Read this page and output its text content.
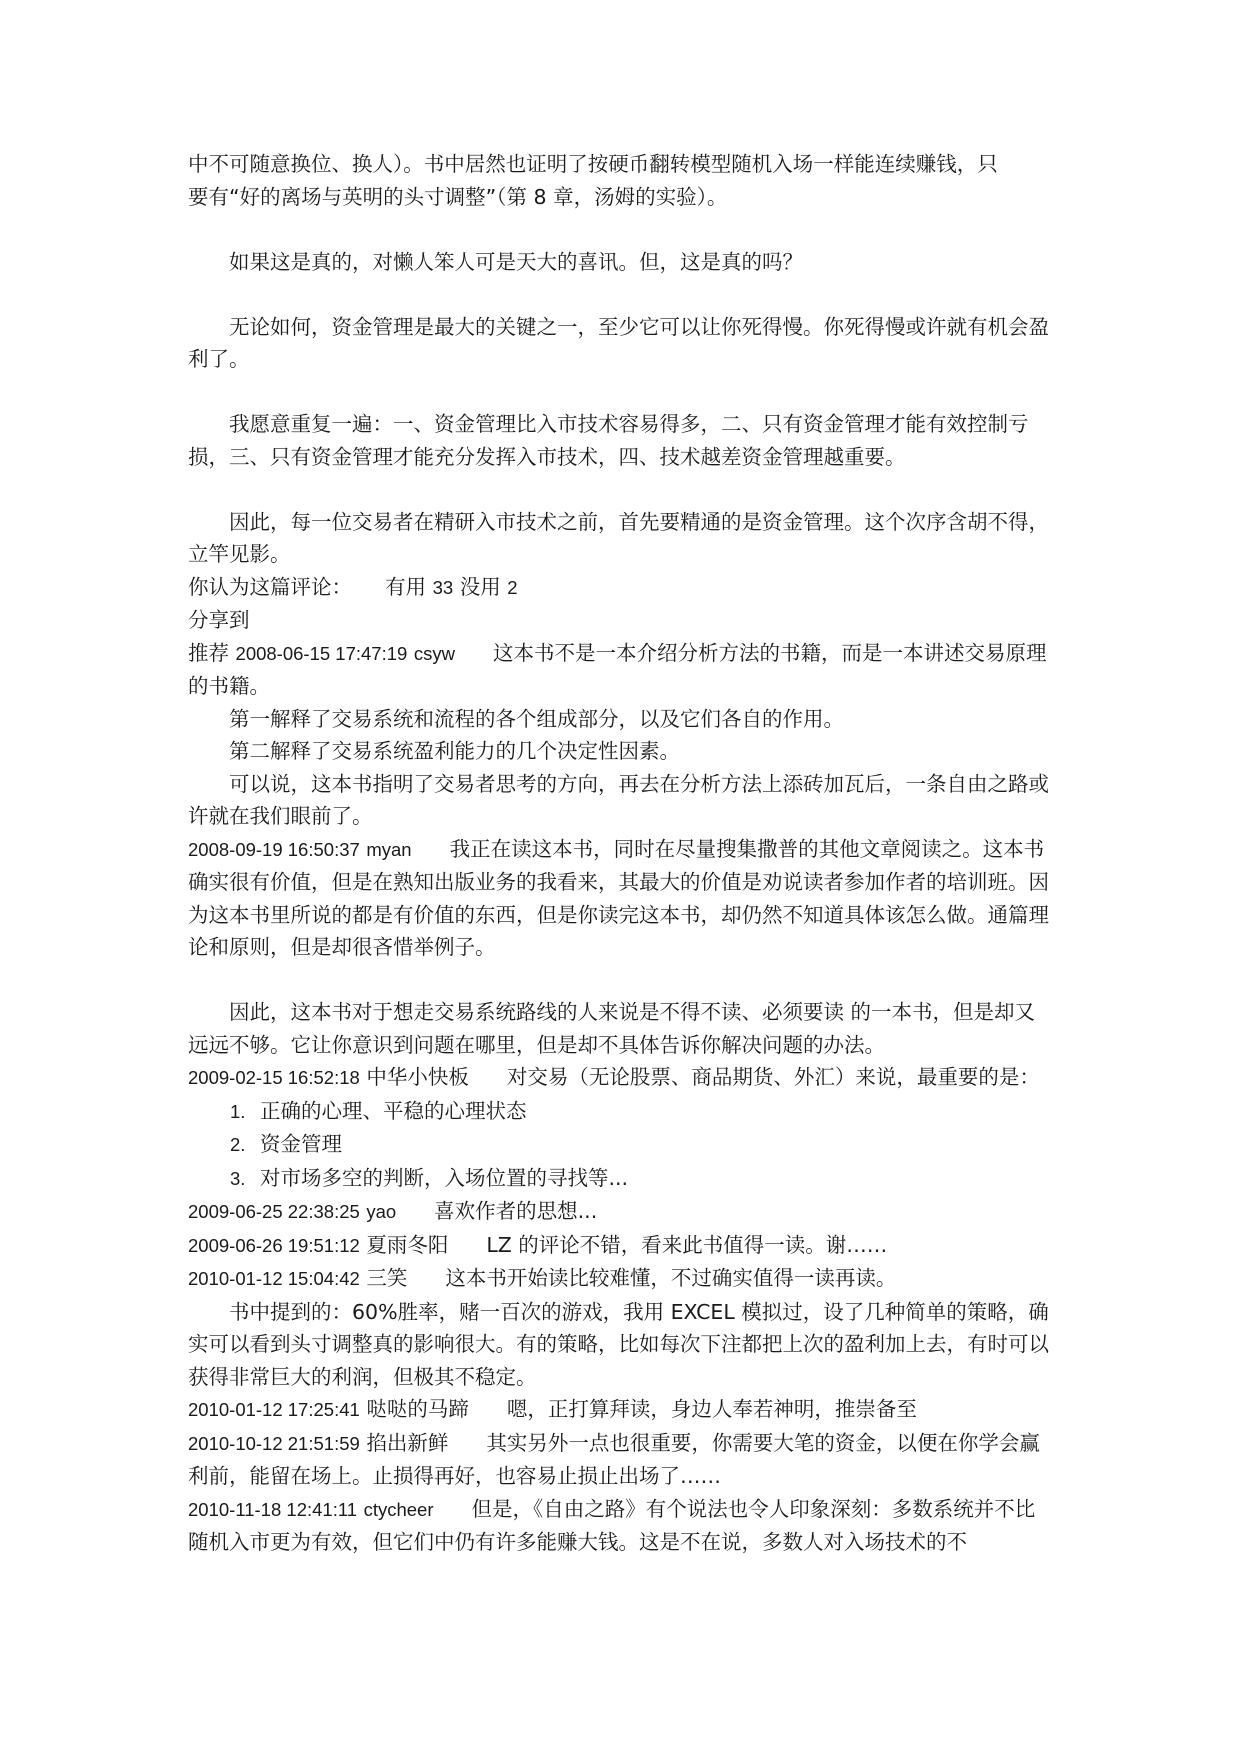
中不可随意换位、换人）。书中居然也证明了按硬币翻转模型随机入场一样能连续赚钱，只

要有“好的离场与英明的头寸调整”（第 8 章，汤姆的实验）。

如果这是真的，对懒人笨人可是天大的喜讯。但，这是真的吗？

无论如何，资金管理是最大的关键之一，至少它可以让你死得慢。你死得慢或许就有机会盈利了。

我愿意重复一遍：一、资金管理比入市技术容易得多，二、只有资金管理才能有效控制亏损，三、只有资金管理才能充分发挥入市技术，四、技术越差资金管理越重要。

因此，每一位交易者在精研入市技术之前，首先要精通的是资金管理。这个次序含胡不得，立竿见影。

你认为这篇评论： 有用 33 没用 2

分享到

推荐 2008-06-15 17:47:19 csyw 这本书不是一本介绍分析方法的书籍，而是一本讲述交易原理的书籍。

第一解释了交易系统和流程的各个组成部分，以及它们各自的作用。

第二解释了交易系统盈利能力的几个决定性因素。

可以说，这本书指明了交易者思考的方向，再去在分析方法上添砖加瓦后，一条自由之路或许就在我们眼前了。

2008-09-19 16:50:37 myan 我正在读这本书，同时在尽量搜集撒普的其他文章阅读之。这本书确实很有价值，但是在熟知出版业务的我看来，其最大的价值是劝说读者参加作者的培训班。因为这本书里所说的都是有价值的东西，但是你读完这本书，却仍然不知道具体该怎么做。通篇理论和原则，但是却很吝惜举例子。

因此，这本书对于想走交易系统路线的人来说是不得不读、必须要读 的一本书，但是却又远远不够。它让你意识到问题在哪里，但是却不具体告诉你解决问题的办法。

2009-02-15 16:52:18 中华小快板 对交易（无论股票、商品期货、外汇）来说，最重要的是：

1. 正确的心理、平稳的心理状态

2. 资金管理

3. 对市场多空的判断，入场位置的寻找等...

2009-06-25 22:38:25 yao 喜欢作者的思想...

2009-06-26 19:51:12 夏雨冬阳 LZ 的评论不错，看来此书值得一读。谢……

2010-01-12 15:04:42 三笑 这本书开始读比较难懂，不过确实值得一读再读。

书中提到的：60%胜率，赌一百次的游戏，我用 EXCEL 模拟过，设了几种简单的策略，确实可以看到头寸调整真的影响很大。有的策略，比如每次下注都把上次的盈利加上去，有时可以获得非常巨大的利润，但极其不稳定。

2010-01-12 17:25:41 哒哒的马蹄 嗯，正打算拜读，身边人奉若神明，推崇备至

2010-10-12 21:51:59 掐出新鲜 其实另外一点也很重要，你需要大笔的资金，以便在你学会赢利前，能留在场上。止损得再好，也容易止损止出场了……

2010-11-18 12:41:11 ctycheer 但是，《自由之路》有个说法也令人印象深刻：多数系统并不比随机入市更为有效，但它们中仍有许多能赚大钱。这是不在说，多数人对入场技术的不
